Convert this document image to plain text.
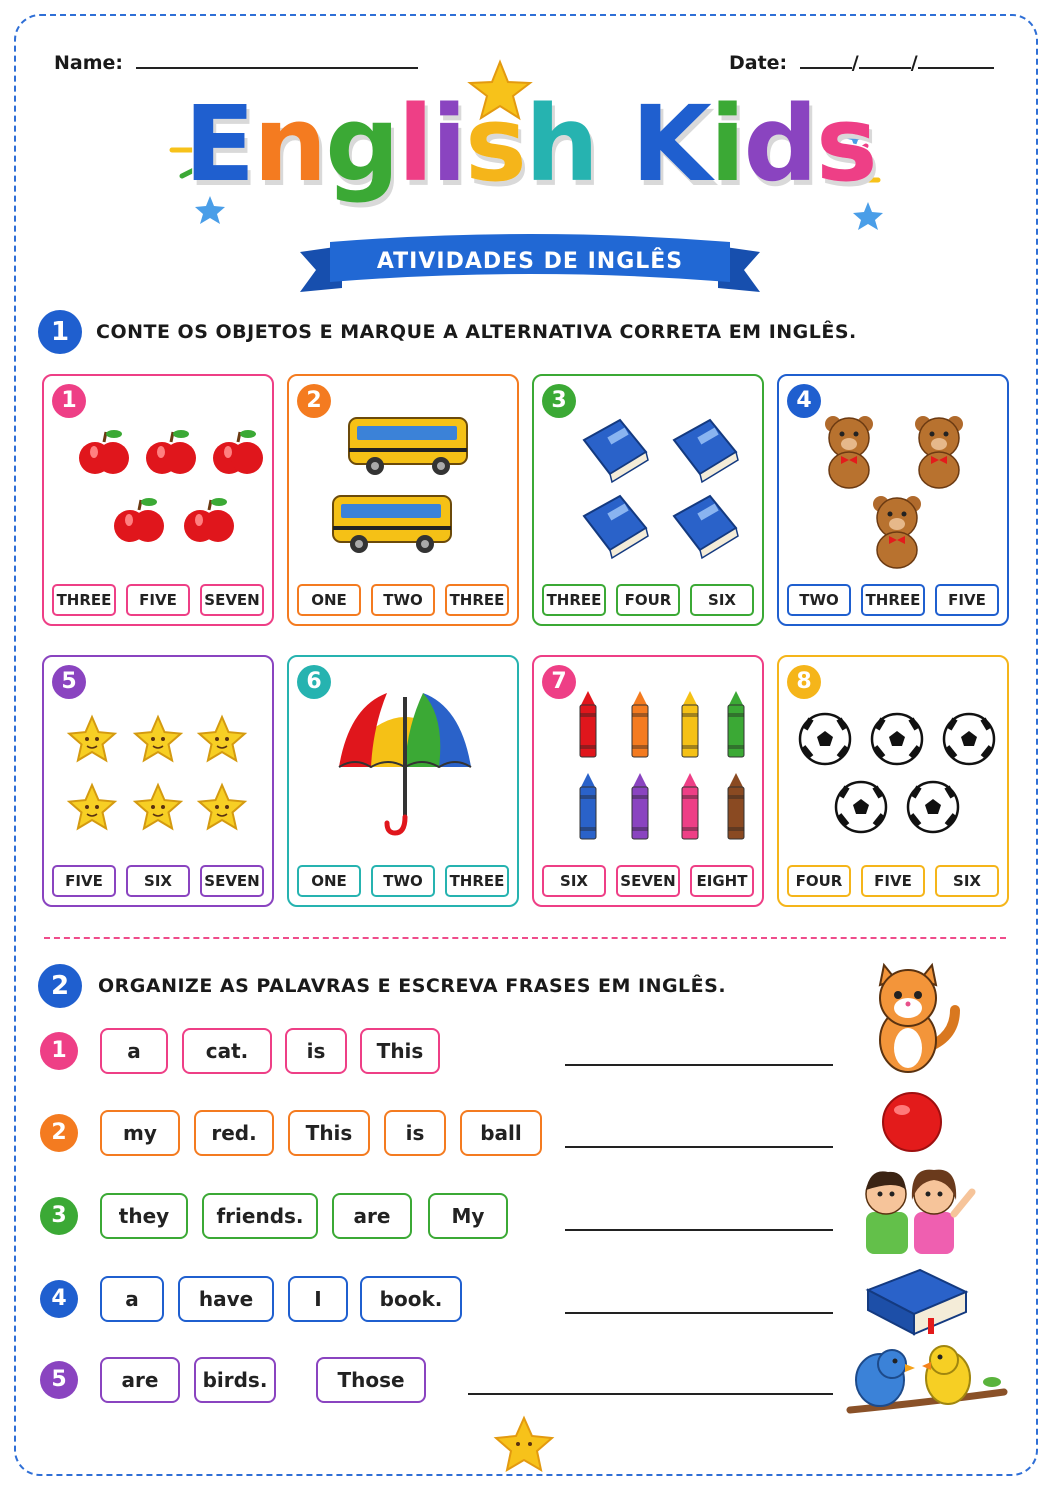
Name:	Date:	/	/
English Kids
ATIVIDADES DE INGLÊS
1	CONTE OS OBJETOS E MARQUE A ALTERNATIVA CORRETA EM INGLÊS.
1
THREE	FIVE	SEVEN
2
ONE	TWO	THREE
3
THREE	FOUR	SIX
4
TWO	THREE	FIVE
5
FIVE	SIX	SEVEN
6
ONE	TWO	THREE
7
SIX	SEVEN	EIGHT
8
FOUR	FIVE	SIX
2	ORGANIZE AS PALAVRAS E ESCREVA FRASES EM INGLÊS.
1	a	cat.	is	This
2	my	red.	This	is	ball
3	they	friends.	are	My
4	a	have	I	book.
5	are	birds.	Those
